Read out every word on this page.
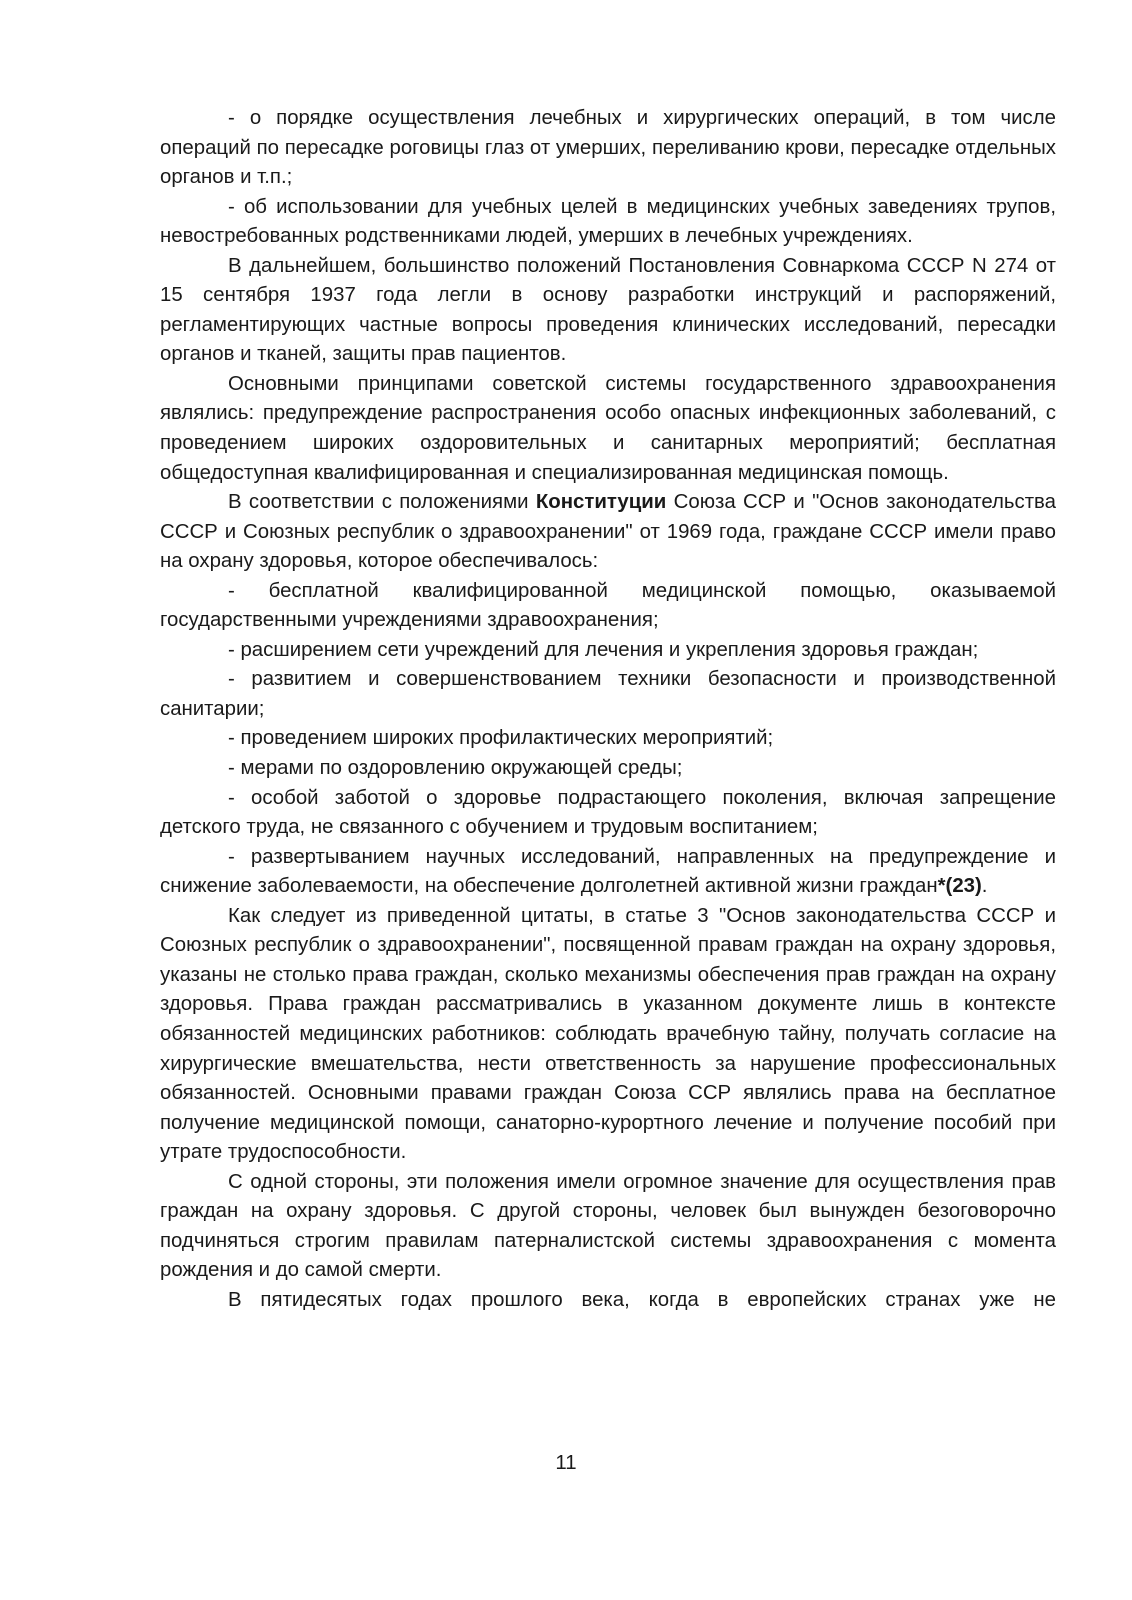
- о порядке осуществления лечебных и хирургических операций, в том числе операций по пересадке роговицы глаз от умерших, переливанию крови, пересадке отдельных органов и т.п.;

- об использовании для учебных целей в медицинских учебных заведениях трупов, невостребованных родственниками людей, умерших в лечебных учреждениях.

В дальнейшем, большинство положений Постановления Совнаркома СССР N 274 от 15 сентября 1937 года легли в основу разработки инструкций и распоряжений, регламентирующих частные вопросы проведения клинических исследований, пересадки органов и тканей, защиты прав пациентов.

Основными принципами советской системы государственного здравоохранения являлись: предупреждение распространения особо опасных инфекционных заболеваний, с проведением широких оздоровительных и санитарных мероприятий; бесплатная общедоступная квалифицированная и специализированная медицинская помощь.

В соответствии с положениями Конституции Союза ССР и "Основ законодательства СССР и Союзных республик о здравоохранении" от 1969 года, граждане СССР имели право на охрану здоровья, которое обеспечивалось:

- бесплатной квалифицированной медицинской помощью, оказываемой государственными учреждениями здравоохранения;

- расширением сети учреждений для лечения и укрепления здоровья граждан;

- развитием и совершенствованием техники безопасности и производственной санитарии;

- проведением широких профилактических мероприятий;

- мерами по оздоровлению окружающей среды;

- особой заботой о здоровье подрастающего поколения, включая запрещение детского труда, не связанного с обучением и трудовым воспитанием;

- развертыванием научных исследований, направленных на предупреждение и снижение заболеваемости, на обеспечение долголетней активной жизни граждан*(23).

Как следует из приведенной цитаты, в статье 3 "Основ законодательства СССР и Союзных республик о здравоохранении", посвященной правам граждан на охрану здоровья, указаны не столько права граждан, сколько механизмы обеспечения прав граждан на охрану здоровья. Права граждан рассматривались в указанном документе лишь в контексте обязанностей медицинских работников: соблюдать врачебную тайну, получать согласие на хирургические вмешательства, нести ответственность за нарушение профессиональных обязанностей. Основными правами граждан Союза ССР являлись права на бесплатное получение медицинской помощи, санаторно-курортного лечение и получение пособий при утрате трудоспособности.

С одной стороны, эти положения имели огромное значение для осуществления прав граждан на охрану здоровья. С другой стороны, человек был вынужден безоговорочно подчиняться строгим правилам патерналистской системы здравоохранения с момента рождения и до самой смерти.

В пятидесятых годах прошлого века, когда в европейских странах уже не

11
